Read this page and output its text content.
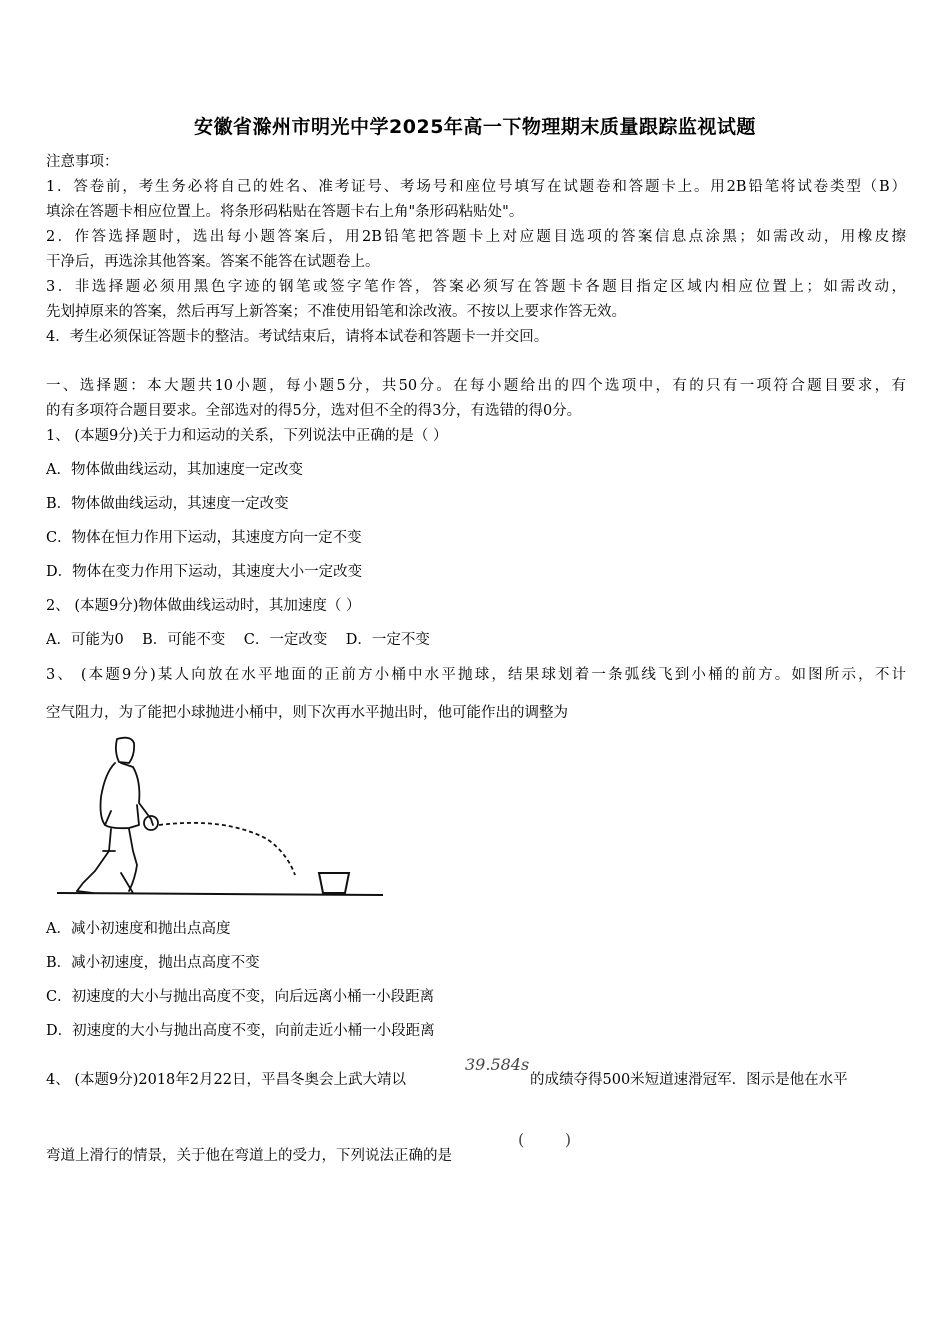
安徽省滁州市明光中学2025年高一下物理期末质量跟踪监视试题
注意事项：
1．答卷前，考生务必将自己的姓名、准考证号、考场号和座位号填写在试题卷和答题卡上。用2B铅笔将试卷类型（B）
填涂在答题卡相应位置上。将条形码粘贴在答题卡右上角"条形码粘贴处"。
2．作答选择题时，选出每小题答案后，用2B铅笔把答题卡上对应题目选项的答案信息点涂黑；如需改动，用橡皮擦
干净后，再选涂其他答案。答案不能答在试题卷上。
3．非选择题必须用黑色字迹的钢笔或签字笔作答，答案必须写在答题卡各题目指定区域内相应位置上；如需改动，
先划掉原来的答案，然后再写上新答案；不准使用铅笔和涂改液。不按以上要求作答无效。
4．考生必须保证答题卡的整洁。考试结束后，请将本试卷和答题卡一并交回。
一、选择题：本大题共10小题，每小题5分，共50分。在每小题给出的四个选项中，有的只有一项符合题目要求，有
的有多项符合题目要求。全部选对的得5分，选对但不全的得3分，有选错的得0分。
1、 (本题9分)关于力和运动的关系，下列说法中正确的是（ ）
A．物体做曲线运动，其加速度一定改变
B．物体做曲线运动，其速度一定改变
C．物体在恒力作用下运动，其速度方向一定不变
D．物体在变力作用下运动，其速度大小一定改变
2、 (本题9分)物体做曲线运动时，其加速度（ ）
A．可能为0    B．可能不变    C．一定改变    D．一定不变
3、 (本题9分)某人向放在水平地面的正前方小桶中水平抛球，结果球划着一条弧线飞到小桶的前方。如图所示，不计
空气阻力，为了能把小球抛进小桶中，则下次再水平抛出时，他可能作出的调整为
A．减小初速度和抛出点高度
B．减小初速度，抛出点高度不变
C．初速度的大小与抛出高度不变，向后远离小桶一小段距离
D．初速度的大小与抛出高度不变，向前走近小桶一小段距离
4、 (本题9分)2018年2月22日，平昌冬奥会上武大靖以
39.584s
的成绩夺得500米短道速滑冠军．图示是他在水平
弯道上滑行的情景，关于他在弯道上的受力，下列说法正确的是
(        )
